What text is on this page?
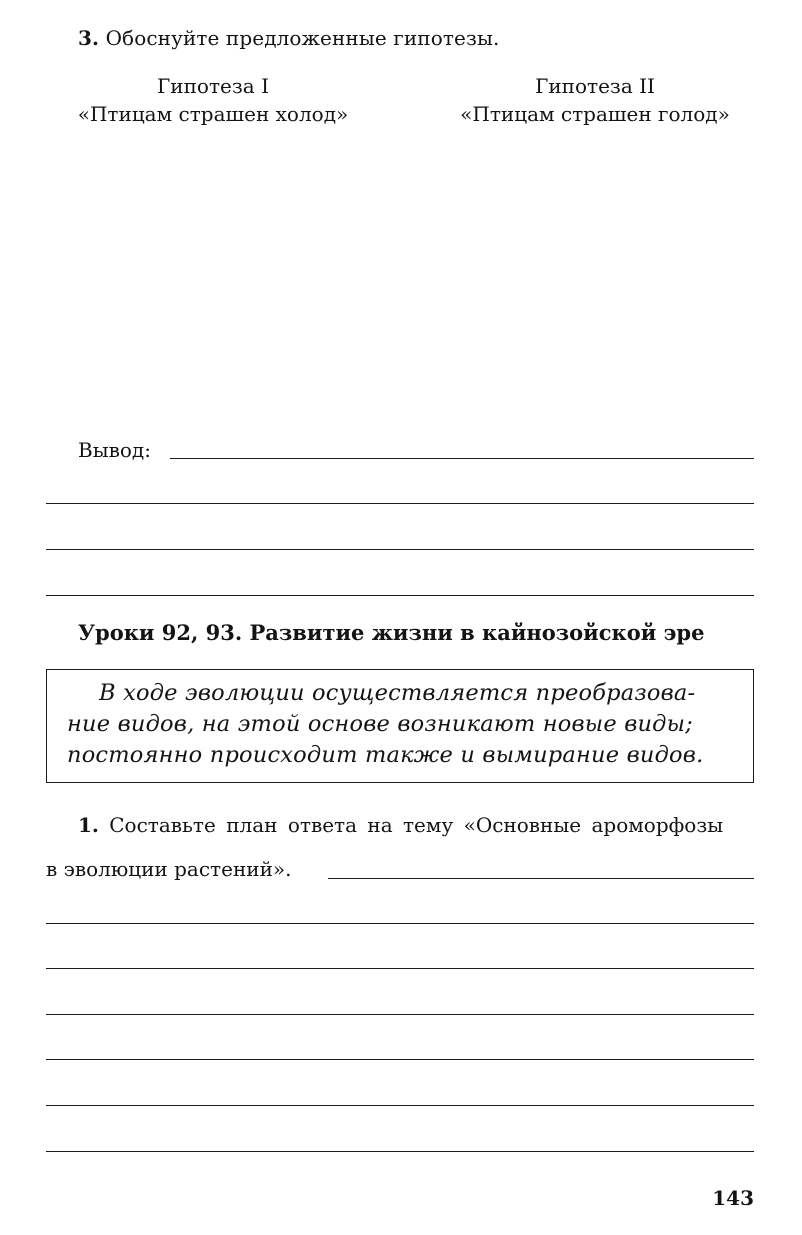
3. Обоснуйте предложенные гипотезы.
Гипотеза I
«Птицам страшен холод»
Гипотеза II
«Птицам страшен голод»
Вывод:
Уроки 92, 93. Развитие жизни в кайнозойской эре
В ходе эволюции осуществляется преобразова-
ние видов, на этой основе возникают новые виды;
постоянно происходит также и вымирание видов.
1. Составьте план ответа на тему «Основные ароморфозы
в эволюции растений».
143
